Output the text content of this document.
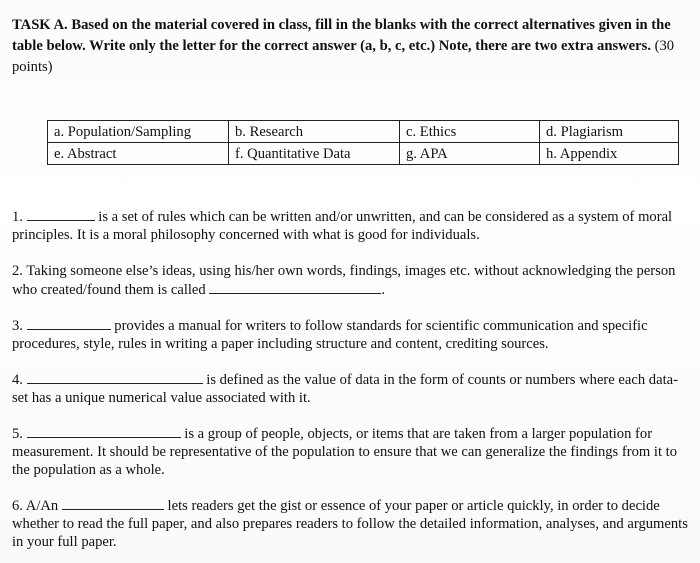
TASK A. Based on the material covered in class, fill in the blanks with the correct alternatives given in the table below. Write only the letter for the correct answer (a, b, c, etc.) Note, there are two extra answers. (30 points)
a. Population/Sampling	b. Research	c. Ethics	d. Plagiarism
e. Abstract	f. Quantitative Data	g. APA	h. Appendix
1.	is a set of rules which can be written and/or unwritten, and can be considered as a system of moral principles. It is a moral philosophy concerned with what is good for individuals.
2. Taking someone else’s ideas, using his/her own words, findings, images etc. without acknowledging the person who created/found them is called	.
3.	provides a manual for writers to follow standards for scientific communication and specific procedures, style, rules in writing a paper including structure and content, crediting sources.
4.	is defined as the value of data in the form of counts or numbers where each data-set has a unique numerical value associated with it.
5.	is a group of people, objects, or items that are taken from a larger population for measurement. It should be representative of the population to ensure that we can generalize the findings from it to the population as a whole.
6. A/An	lets readers get the gist or essence of your paper or article quickly, in order to decide whether to read the full paper, and also prepares readers to follow the detailed information, analyses, and arguments in your full paper.
